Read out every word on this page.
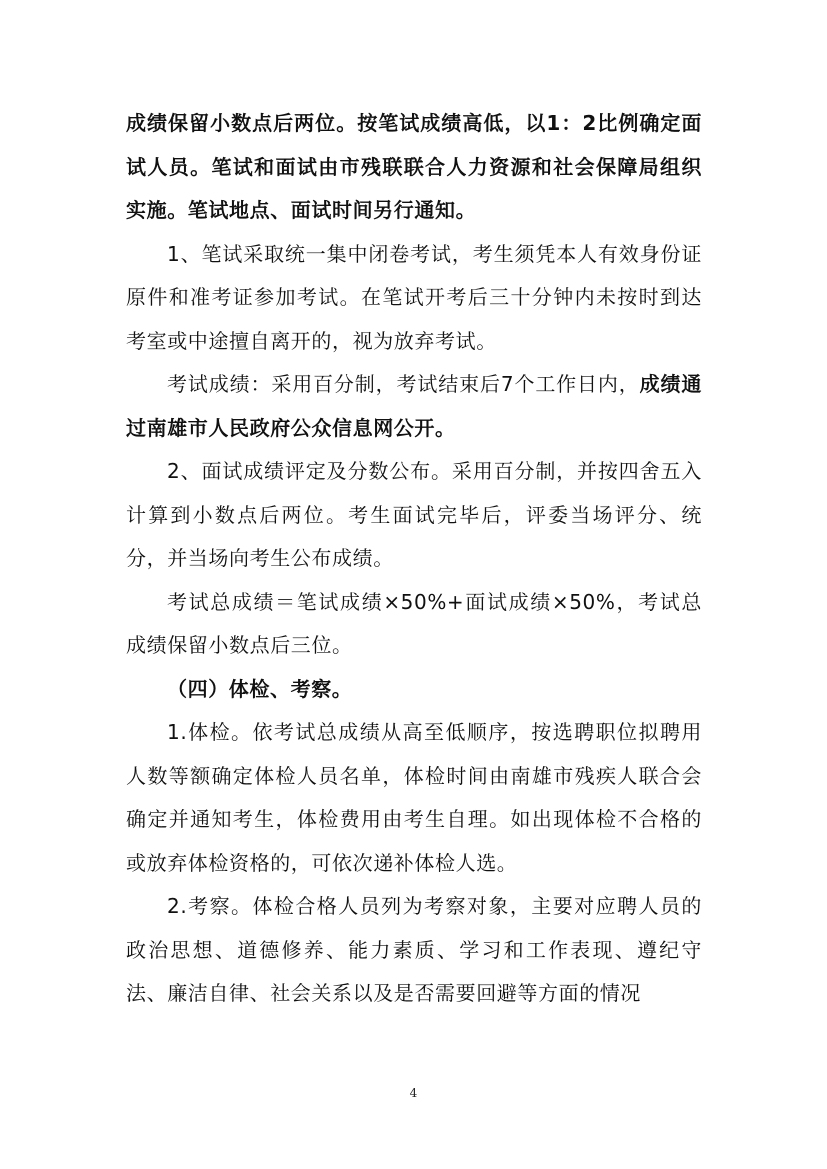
成绩保留小数点后两位。按笔试成绩高低，以1：2比例确定面试人员。笔试和面试由市残联联合人力资源和社会保障局组织实施。笔试地点、面试时间另行通知。

1、笔试采取统一集中闭卷考试，考生须凭本人有效身份证原件和准考证参加考试。在笔试开考后三十分钟内未按时到达考室或中途擅自离开的，视为放弃考试。

考试成绩：采用百分制，考试结束后7个工作日内，成绩通过南雄市人民政府公众信息网公开。

2、面试成绩评定及分数公布。采用百分制，并按四舍五入计算到小数点后两位。考生面试完毕后，评委当场评分、统分，并当场向考生公布成绩。

考试总成绩＝笔试成绩×50%+面试成绩×50%，考试总成绩保留小数点后三位。

（四）体检、考察。

1.体检。依考试总成绩从高至低顺序，按选聘职位拟聘用人数等额确定体检人员名单，体检时间由南雄市残疾人联合会确定并通知考生，体检费用由考生自理。如出现体检不合格的或放弃体检资格的，可依次递补体检人选。

2.考察。体检合格人员列为考察对象，主要对应聘人员的政治思想、道德修养、能力素质、学习和工作表现、遵纪守法、廉洁自律、社会关系以及是否需要回避等方面的情况

4
